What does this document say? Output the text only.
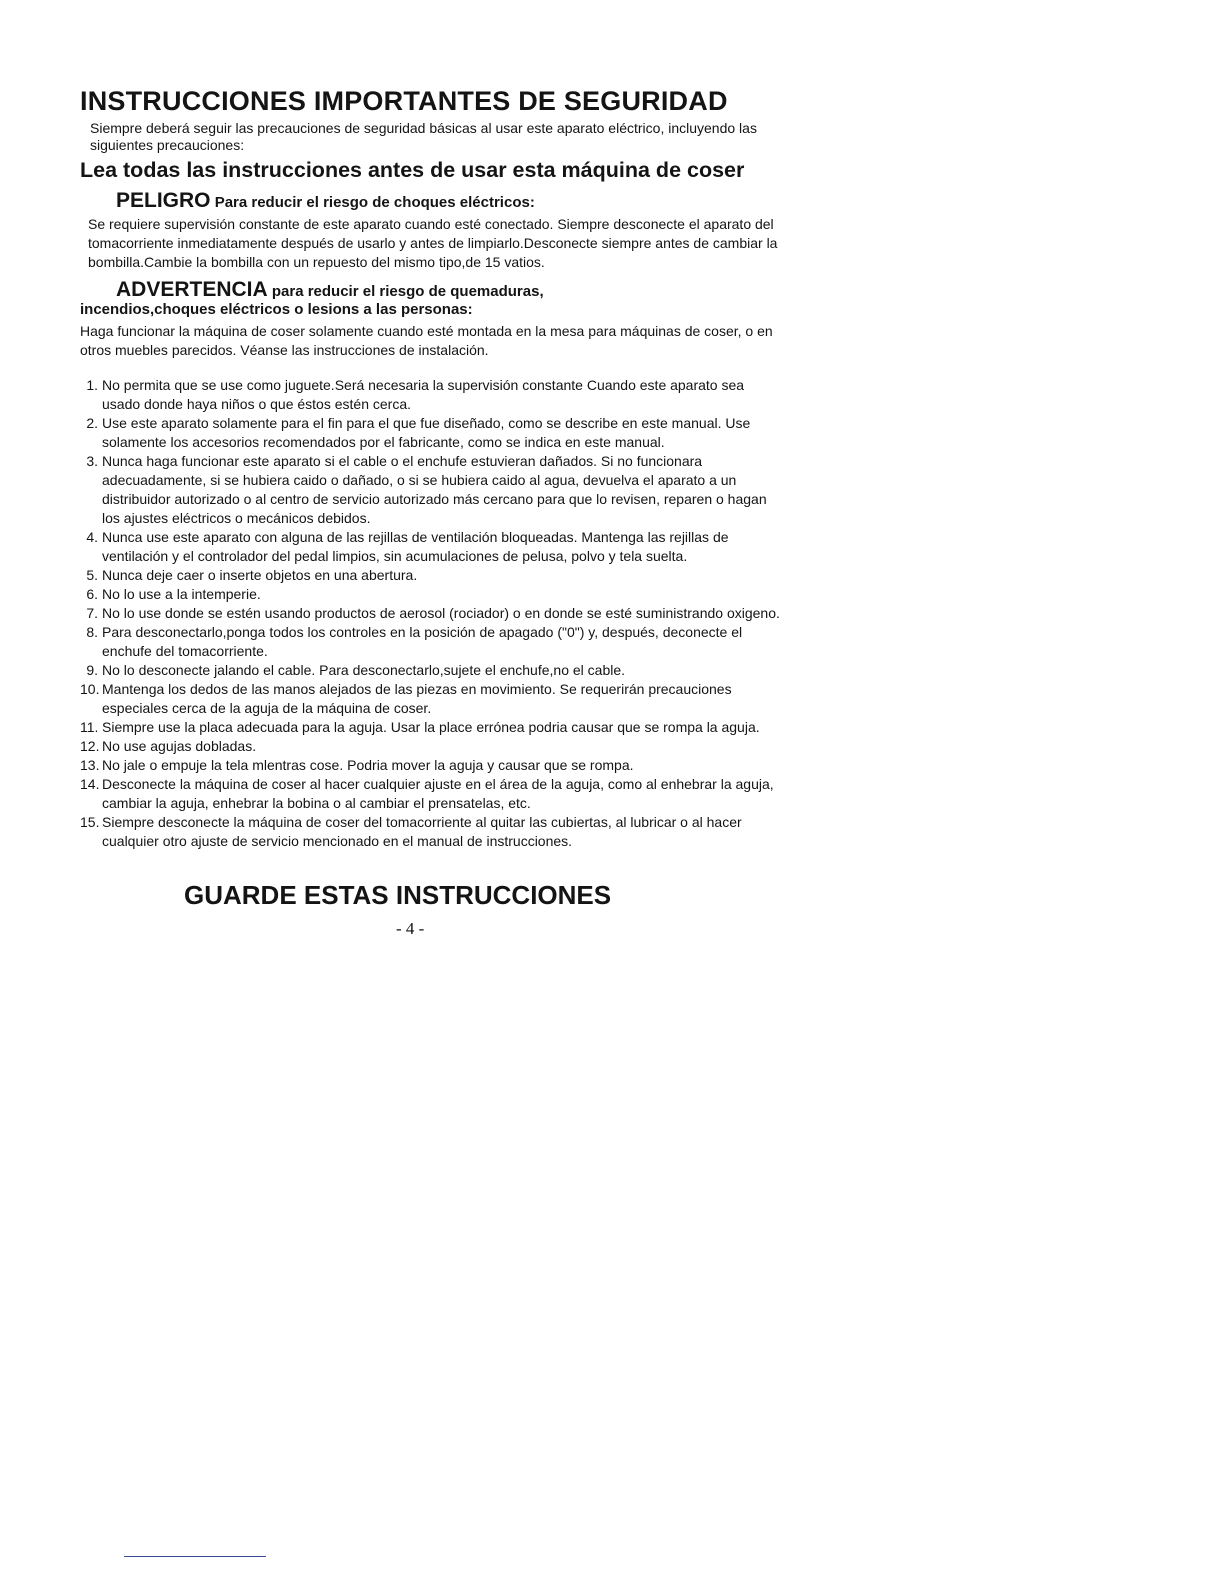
INSTRUCCIONES IMPORTANTES DE SEGURIDAD

Siempre deberá seguir las precauciones de seguridad básicas al usar este aparato eléctrico, incluyendo las siguientes precauciones:

Lea todas las instrucciones antes de usar esta máquina de coser
PELIGRO Para reducir el riesgo de choques eléctricos:

Se requiere supervisión constante de este aparato cuando esté conectado. Siempre desconecte el aparato del tomacorriente inmediatamente después de usarlo y antes de limpiarlo.Desconecte siempre antes de cambiar la bombilla.Cambie la bombilla con un repuesto del mismo tipo,de 15 vatios.

ADVERTENCIA para reducir el riesgo de quemaduras,

incendios,choques eléctricos o lesions a las personas:

Haga funcionar la máquina de coser solamente cuando esté montada en la mesa para máquinas de coser, o en otros muebles parecidos. Véanse las instrucciones de instalación.

1. No permita que se use como juguete.Será necesaria la supervisión constante Cuando este aparato sea usado donde haya niños o que éstos estén cerca.
2. Use este aparato solamente para el fin para el que fue diseñado, como se describe en este manual. Use solamente los accesorios recomendados por el fabricante, como se indica en este manual.
3. Nunca haga funcionar este aparato si el cable o el enchufe estuvieran dañados. Si no funcionara adecuadamente, si se hubiera caido o dañado, o si se hubiera caido al agua, devuelva el aparato a un distribuidor autorizado o al centro de servicio autorizado más cercano para que lo revisen, reparen o hagan los ajustes eléctricos o mecánicos debidos.
4. Nunca use este aparato con alguna de las rejillas de ventilación bloqueadas. Mantenga las rejillas de ventilación y el controlador del pedal limpios, sin acumulaciones de pelusa, polvo y tela suelta.
5. Nunca deje caer o inserte objetos en una abertura.
6. No lo use a la intemperie.
7. No lo use donde se estén usando productos de aerosol (rociador) o en donde se esté suministrando oxigeno.
8. Para desconectarlo,ponga todos los controles en la posición de apagado ("0") y, después, deconecte el enchufe del tomacorriente.
9. No lo desconecte jalando el cable. Para desconectarlo,sujete el enchufe,no el cable.
10. Mantenga los dedos de las manos alejados de las piezas en movimiento. Se requerirán precauciones especiales cerca de la aguja de la máquina de coser.
11. Siempre use la placa adecuada para la aguja. Usar la place errónea podria causar que se rompa la aguja.
12. No use agujas dobladas.
13. No jale o empuje la tela mlentras cose. Podria mover la aguja y causar que se rompa.
14. Desconecte la máquina de coser al hacer cualquier ajuste en el área de la aguja, como al enhebrar la aguja, cambiar la aguja, enhebrar la bobina o al cambiar el prensatelas, etc.
15. Siempre desconecte la máquina de coser del tomacorriente al quitar las cubiertas, al lubricar o al hacer cualquier otro ajuste de servicio mencionado en el manual de instrucciones.
GUARDE ESTAS INSTRUCCIONES
- 4 -
